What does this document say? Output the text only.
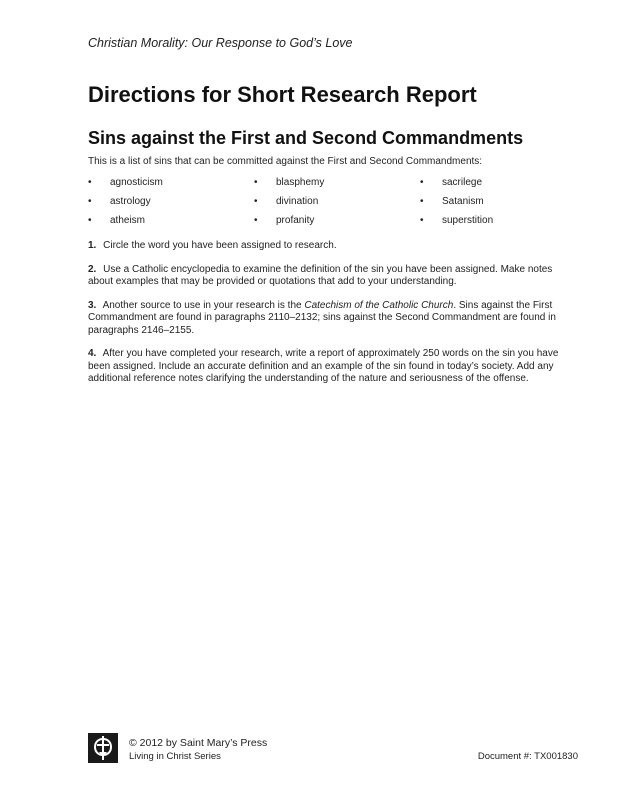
Christian Morality: Our Response to God’s Love
Directions for Short Research Report
Sins against the First and Second Commandments
This is a list of sins that can be committed against the First and Second Commandments:
• agnosticism	• blasphemy	• sacrilege
• astrology	• divination	• Satanism
• atheism	• profanity	• superstition

1. Circle the word you have been assigned to research.

2. Use a Catholic encyclopedia to examine the definition of the sin you have been assigned. Make notes about examples that may be provided or quotations that add to your understanding.

3. Another source to use in your research is the Catechism of the Catholic Church. Sins against the First Commandment are found in paragraphs 2110–2132; sins against the Second Commandment are found in paragraphs 2146–2155.

4. After you have completed your research, write a report of approximately 250 words on the sin you have been assigned. Include an accurate definition and an example of the sin found in today’s society. Add any additional reference notes clarifying the understanding of the nature and seriousness of the offense.

© 2012 by Saint Mary’s Press
Living in Christ Series	Document #: TX001830
